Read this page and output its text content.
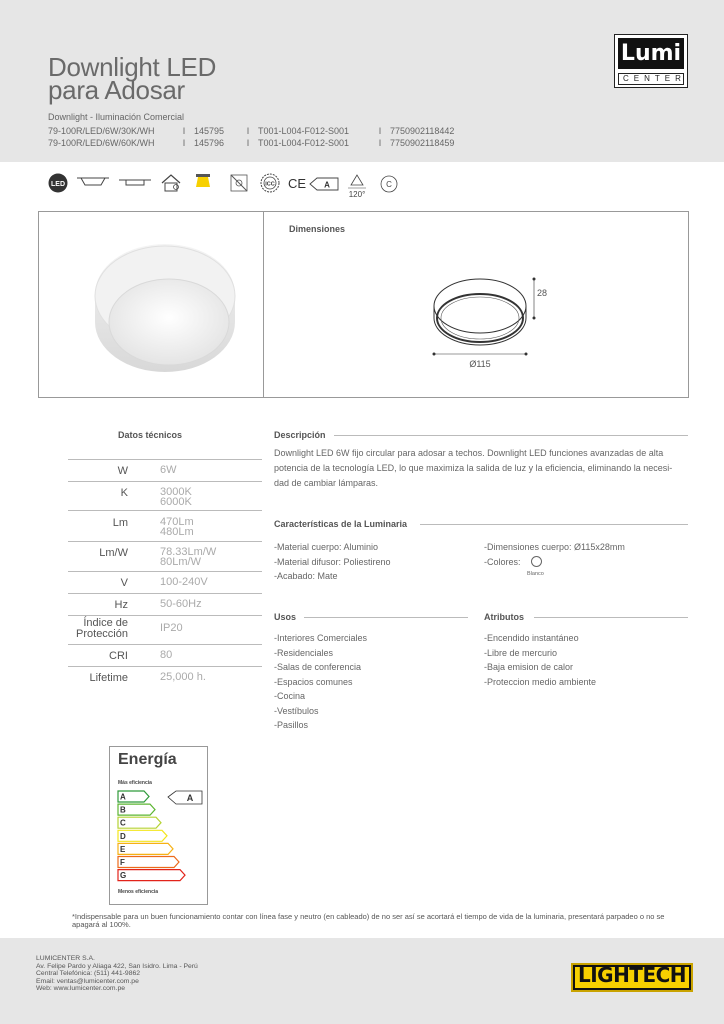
Downlight LED
para Adosar
Downlight - Iluminación Comercial
79-100R/LED/6W/30K/WH	I 145795	I T001-L004-F012-S001	I 7750902118442
79-100R/LED/6W/60K/WH	I 145796	I T001-L004-F012-S001	I 7750902118459
Lumi
CENTER
LED	ICC CE A
120°
C
Dimensiones
28
Ø115
Datos técnicos
W	6W
K	3000K
6000K
Lm	470Lm
480Lm
Lm/W	78.33Lm/W
80Lm/W
V	100-240V
Hz	50-60Hz
Índice de Protección	IP20
CRI	80
Lifetime	25,000 h.
Descripción
Downlight LED 6W fijo circular para adosar a techos. Downlight LED funciones avanzadas de alta
potencia de la tecnología LED, lo que maximiza la salida de luz y la eficiencia, eliminando la necesi-
dad de cambiar lámparas.
Características de la Luminaria
-Material cuerpo: Aluminio
-Material difusor: Poliestireno
-Acabado: Mate
-Dimensiones cuerpo: Ø115x28mm
-Colores:
Blanco
Usos
-Interiores Comerciales
-Residenciales
-Salas de conferencia
-Espacios comunes
-Cocina
-Vestíbulos
-Pasillos
Atributos
-Encendido instantáneo
-Libre de mercurio
-Baja emision de calor
-Proteccion medio ambiente
Energía
Más eficiencia
A
B
C
D
E
F
G
A
Menos eficiencia
*Indispensable para un buen funcionamiento contar con línea fase y neutro (en cableado) de no ser así se acortará el tiempo de vida de la luminaria, presentará parpadeo o no se apagará al 100%.
LUMICENTER S.A.
Av. Felipe Pardo y Aliaga 422, San Isidro. Lima - Perú
Central Telefónica: (511) 441-9862
Email: ventas@lumicenter.com.pe
Web: www.lumicenter.com.pe
LIGHTECH
